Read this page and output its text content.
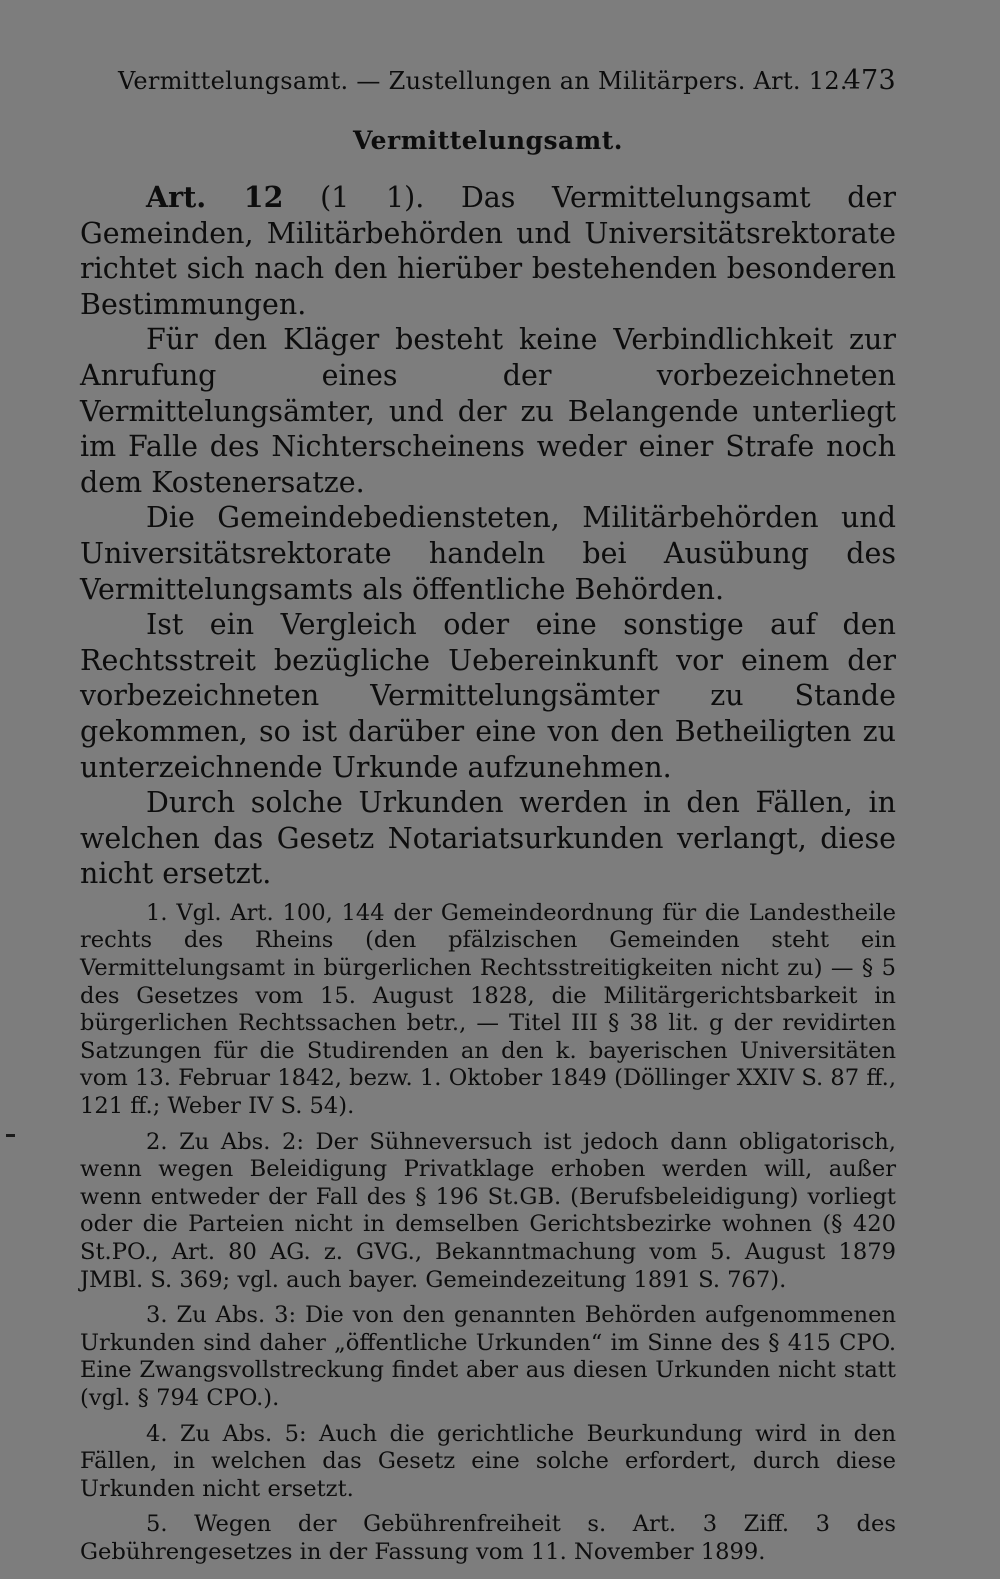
Vermittelungsamt. — Zustellungen an Militärpers. Art. 12.
473
Vermittelungsamt.

Art. 12 (1 1). Das Vermittelungsamt der Gemeinden, Militärbehörden und Universitätsrektorate richtet sich nach den hierüber bestehenden besonderen Bestimmungen.

Für den Kläger besteht keine Verbindlichkeit zur Anrufung eines der vorbezeichneten Vermittelungsämter, und der zu Belangende unterliegt im Falle des Nichterscheinens weder einer Strafe noch dem Kostenersatze.

Die Gemeindebediensteten, Militärbehörden und Universitätsrektorate handeln bei Ausübung des Vermittelungsamts als öffentliche Behörden.

Ist ein Vergleich oder eine sonstige auf den Rechtsstreit bezügliche Uebereinkunft vor einem der vorbezeichneten Vermittelungsämter zu Stande gekommen, so ist darüber eine von den Betheiligten zu unterzeichnende Urkunde aufzunehmen.

Durch solche Urkunden werden in den Fällen, in welchen das Gesetz Notariatsurkunden verlangt, diese nicht ersetzt.

1. Vgl. Art. 100, 144 der Gemeindeordnung für die Landestheile rechts des Rheins (den pfälzischen Gemeinden steht ein Vermittelungsamt in bürgerlichen Rechtsstreitigkeiten nicht zu) — § 5 des Gesetzes vom 15. August 1828, die Militärgerichtsbarkeit in bürgerlichen Rechtssachen betr., — Titel III § 38 lit. g der revidirten Satzungen für die Studirenden an den k. bayerischen Universitäten vom 13. Februar 1842, bezw. 1. Oktober 1849 (Döllinger XXIV S. 87 ff., 121 ff.; Weber IV S. 54).

2. Zu Abs. 2: Der Sühneversuch ist jedoch dann obligatorisch, wenn wegen Beleidigung Privatklage erhoben werden will, außer wenn entweder der Fall des § 196 St.GB. (Berufsbeleidigung) vorliegt oder die Parteien nicht in demselben Gerichtsbezirke wohnen (§ 420 St.PO., Art. 80 AG. z. GVG., Bekanntmachung vom 5. August 1879 JMBl. S. 369; vgl. auch bayer. Gemeindezeitung 1891 S. 767).

3. Zu Abs. 3: Die von den genannten Behörden aufgenommenen Urkunden sind daher „öffentliche Urkunden“ im Sinne des § 415 CPO. Eine Zwangsvollstreckung findet aber aus diesen Urkunden nicht statt (vgl. § 794 CPO.).

4. Zu Abs. 5: Auch die gerichtliche Beurkundung wird in den Fällen, in welchen das Gesetz eine solche erfordert, durch diese Urkunden nicht ersetzt.

5. Wegen der Gebührenfreiheit s. Art. 3 Ziff. 3 des Gebührengesetzes in der Fassung vom 11. November 1899.
